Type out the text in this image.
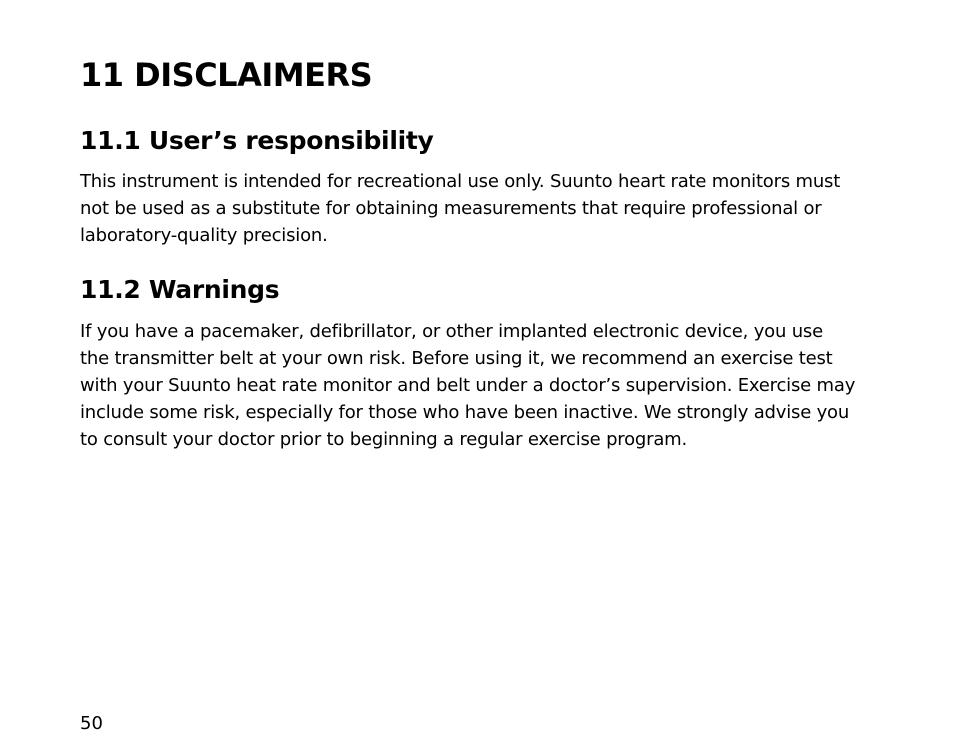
11 DISCLAIMERS
11.1 User’s responsibility

This instrument is intended for recreational use only. Suunto heart rate monitors must
not be used as a substitute for obtaining measurements that require professional or
laboratory-quality precision.

11.2 Warnings

If you have a pacemaker, defibrillator, or other implanted electronic device, you use
the transmitter belt at your own risk. Before using it, we recommend an exercise test
with your Suunto heat rate monitor and belt under a doctor’s supervision. Exercise may
include some risk, especially for those who have been inactive. We strongly advise you
to consult your doctor prior to beginning a regular exercise program.

50
